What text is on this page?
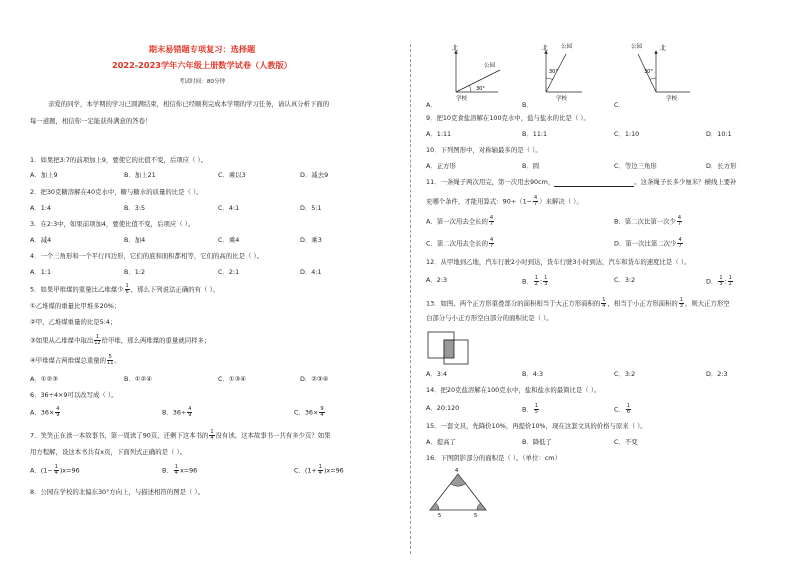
期末易错题专项复习：选择题
2022-2023学年六年级上册数学试卷（人教版）
考试时间：80分钟
亲爱的同学，本学期的学习已圆满结束，相信你已经顺利完成本学期的学习任务，请认真分析下面的
每一道题，相信你一定能获得满意的答卷！
1．如果把3:7的前项加上9，要使它的比值不变，后项应（ ）。
A．加上9	B．加上21	C．乘以3	D．减去9
2．把30克糖溶解在40克水中，糖与糖水的质量的比是（ ）。
A．1:4	B．3:5	C．4:1	D．5:1
3．在2:3中，如果前项加4，要使比值不变，后项应（ ）。
A．减4	B．加4	C．乘4	D．乘3
4．一个三角形和一个平行四边形，它们的底和面积都相等，它们的高的比是（ ）。
A．1:1	B．1:2	C．2:1	D．4:1
5．如果甲堆煤的重量比乙堆煤少 $\frac{1}{6}$ ，那么下列说法正确的有（ ）。
①乙堆煤的重量比甲堆多20%；
②甲、乙堆煤重量的比是5:4；
③如果从乙堆煤中取出 $\frac{1}{12}$ 给甲堆，那么两堆煤的重量就同样多；
④甲堆煤占两堆煤总重量的 $\frac{5}{11}$ 。
A．①②③	B．①②④	C．①③④	D．②③④
6．36÷4×9可以改写成（ ）。
A．$36\times \frac{4}{9}$	B．$36\div \frac{4}{9}$	C．$36\times \frac{9}{4}$
7．笑笑正在读一本故事书，第一周读了90页，还剩下这本书的 $\frac{1}{4}$ 没有读。这本故事书一共有多少页？如果
用方程解，设这本书共有x页，下面列式正确的是（ ）。
A．$(1- \frac{1}{4} )x=96$	B． $\frac{1}{4} x=96$	C．$(1+ \frac{1}{4} )x=96$
8．公园在学校的北偏东30°方向上，与描述相符的图是（ ）。
北
公园
学校
30°
北 公园
30°
学校
北
公园
30°
学校
A．	B．	C．
9．把10克食盐溶解在100克水中，盐与盐水的比是（ ）。
A．1:11	B．11:1	C．1:10	D．10:1
10．下列图形中，对称轴最多的是（ ）。
A．正方形	B．圆	C．等边三角形	D．长方形
11．一条绳子两次用完，第一次用去90cm，	。这条绳子长多少厘米？横线上要补
充哪个条件，才能用算式：$90\div(1- \frac{4}{7}$ ）来解决（ ）。
A．第一次用去全长的 $\frac{4}{7}$	B．第二次比第一次少 $\frac{4}{7}$
C．第二次用去全长的 $\frac{4}{7}$	D．第一次比第二次少 $\frac{4}{7}$
12．从甲地到乙地，汽车行驶2小时到达，货车行驶3小时到达，汽车和货车的速度比是（ ）。
A．2:3	B． $\frac{1}{2}$ : $\frac{1}{3}$	C．3:2	D． $\frac{1}{3}$ : $\frac{1}{2}$
13．如图，两个正方形重叠部分的面积相当于大正方形面积的 $\frac{1}{4}$ ，相当于小正方形面积的 $\frac{1}{3}$ ，则大正方形空
白部分与小正方形空白部分的面积比是（ ）。
A．3:4	B．4:3	C．3:2	D．2:3
14．把20克盐溶解在100克水中，盐和盐水的最简比是（ ）。
A．20:120	B． $\frac{1}{5}$	C． $\frac{1}{6}$
15．一套文具，先降价10%，再提价10%，现在这套文具的价格与原来（ ）。
A．提高了	B．降低了	C．不变
16．下图阴影部分的面积是（ ）。（单位：cm）
4
5	5
